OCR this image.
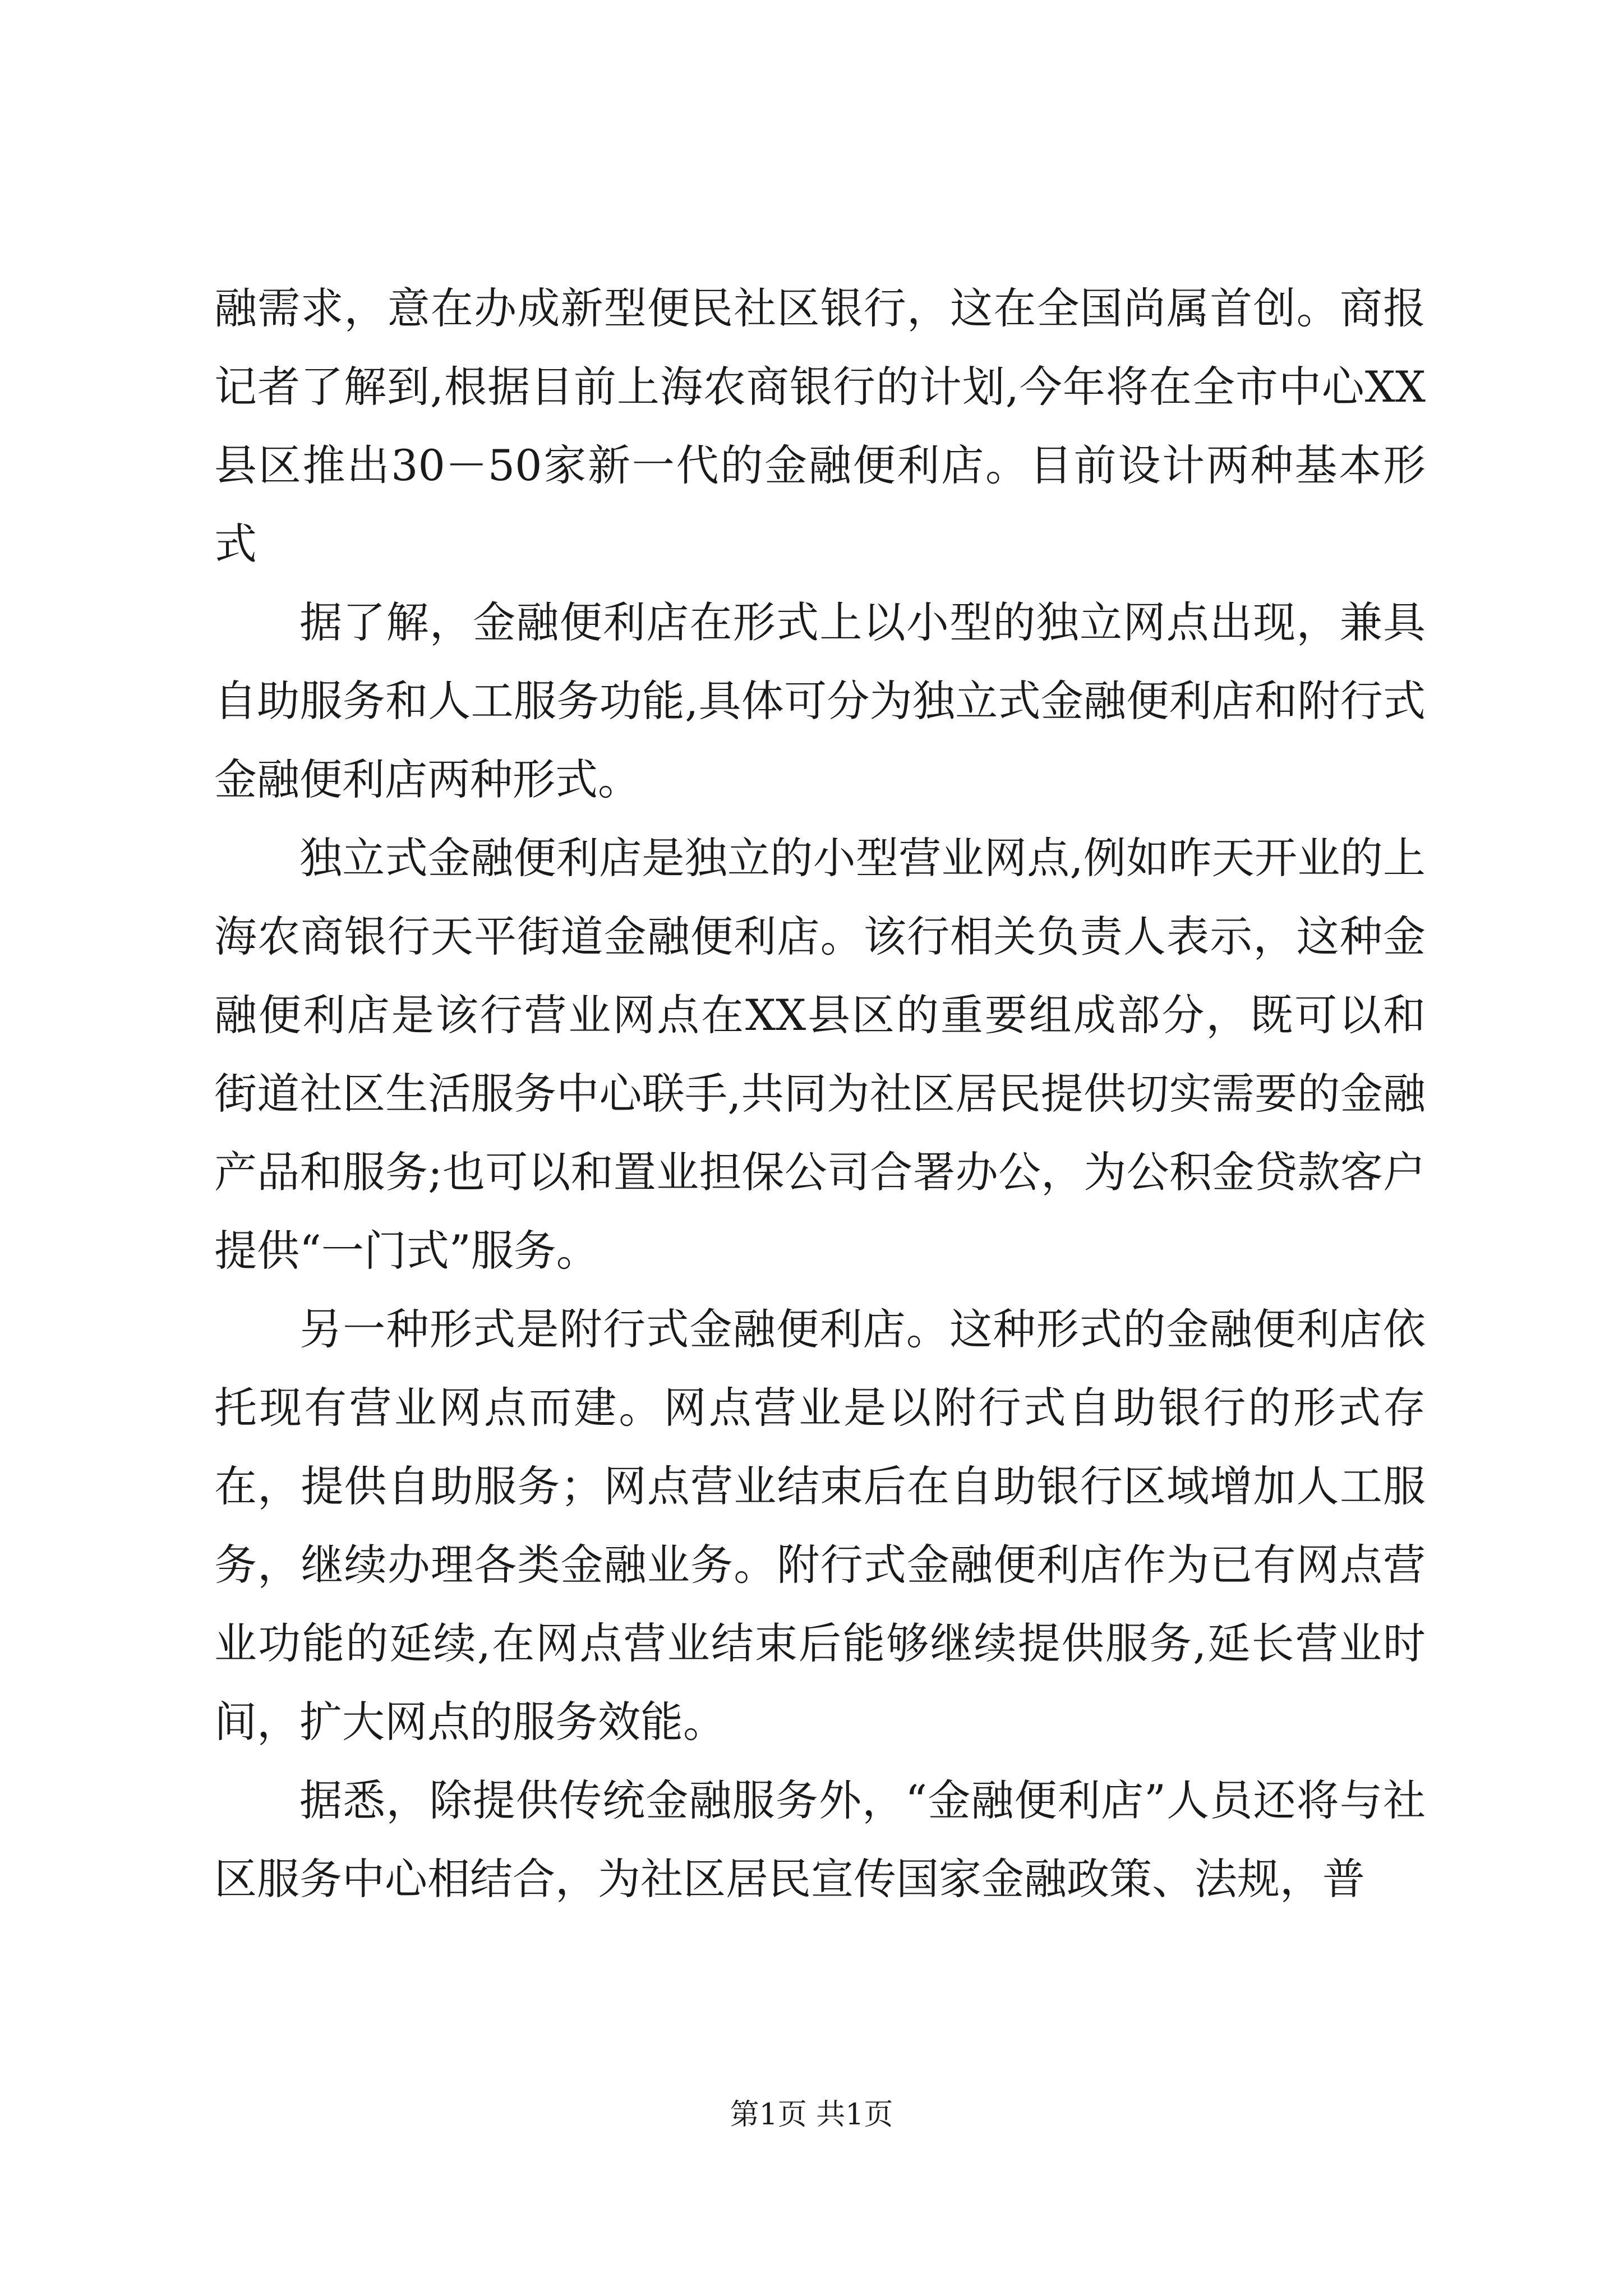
融需求，意在办成新型便民社区银行，这在全国尚属首创。商报记者了解到,根据目前上海农商银行的计划,今年将在全市中心XX县区推出30－50家新一代的金融便利店。目前设计两种基本形式

据了解，金融便利店在形式上以小型的独立网点出现，兼具自助服务和人工服务功能,具体可分为独立式金融便利店和附行式金融便利店两种形式。

独立式金融便利店是独立的小型营业网点,例如昨天开业的上海农商银行天平街道金融便利店。该行相关负责人表示，这种金融便利店是该行营业网点在XX县区的重要组成部分，既可以和街道社区生活服务中心联手,共同为社区居民提供切实需要的金融产品和服务;也可以和置业担保公司合署办公，为公积金贷款客户提供“一门式”服务。

另一种形式是附行式金融便利店。这种形式的金融便利店依托现有营业网点而建。网点营业是以附行式自助银行的形式存在，提供自助服务；网点营业结束后在自助银行区域增加人工服务，继续办理各类金融业务。附行式金融便利店作为已有网点营业功能的延续,在网点营业结束后能够继续提供服务,延长营业时间，扩大网点的服务效能。

据悉，除提供传统金融服务外，“金融便利店”人员还将与社区服务中心相结合，为社区居民宣传国家金融政策、法规，普

第1页 共1页
